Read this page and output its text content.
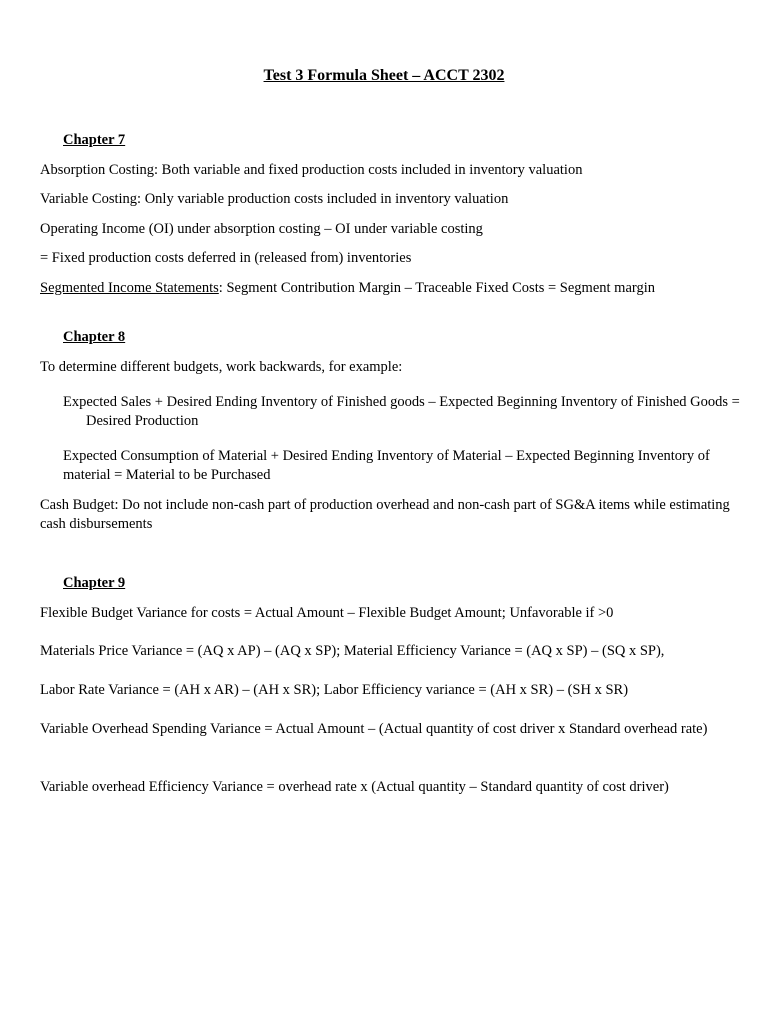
Test 3 Formula Sheet – ACCT 2302
Chapter 7
Absorption Costing: Both variable and fixed production costs included in inventory valuation
Variable Costing: Only variable production costs included in inventory valuation
Operating Income (OI) under absorption costing – OI under variable costing
= Fixed production costs deferred in (released from) inventories
Segmented Income Statements: Segment Contribution Margin – Traceable Fixed Costs = Segment margin
Chapter 8
To determine different budgets, work backwards, for example:
Expected Sales + Desired Ending Inventory of Finished goods – Expected Beginning Inventory of Finished Goods = Desired Production
Expected Consumption of Material + Desired Ending Inventory of Material – Expected Beginning Inventory of material = Material to be Purchased
Cash Budget: Do not include non-cash part of production overhead and non-cash part of SG&A items while estimating cash disbursements
Chapter 9
Flexible Budget Variance for costs = Actual Amount – Flexible Budget Amount; Unfavorable if >0
Materials Price Variance = (AQ x AP) – (AQ x SP); Material Efficiency Variance = (AQ x SP) – (SQ x SP),
Labor Rate Variance = (AH x AR) – (AH x SR); Labor Efficiency variance = (AH x SR) – (SH x SR)
Variable Overhead Spending Variance = Actual Amount – (Actual quantity of cost driver x Standard overhead rate)
Variable overhead Efficiency Variance = overhead rate x (Actual quantity – Standard quantity of cost driver)
